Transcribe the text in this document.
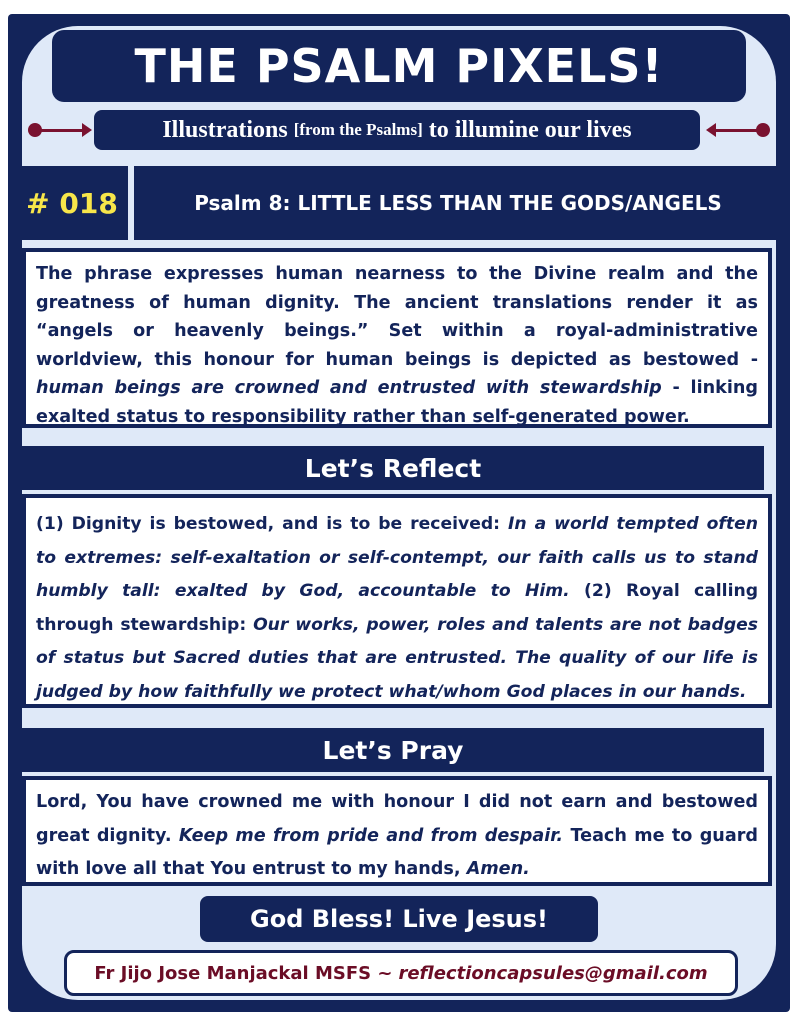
THE PSALM PIXELS!
Illustrations [from the Psalms] to illumine our lives
# 018	Psalm 8: LITTLE LESS THAN THE GODS/ANGELS
The phrase expresses human nearness to the Divine realm and the greatness of human dignity. The ancient translations render it as “angels or heavenly beings.” Set within a royal-administrative worldview, this honour for human beings is depicted as bestowed - human beings are crowned and entrusted with stewardship - linking exalted status to responsibility rather than self-generated power.
Let’s Reflect
(1) Dignity is bestowed, and is to be received: In a world tempted often to extremes: self-exaltation or self-contempt, our faith calls us to stand humbly tall: exalted by God, accountable to Him. (2) Royal calling through stewardship: Our works, power, roles and talents are not badges of status but Sacred duties that are entrusted. The quality of our life is judged by how faithfully we protect what/whom God places in our hands.
Let’s Pray
Lord, You have crowned me with honour I did not earn and bestowed great dignity. Keep me from pride and from despair. Teach me to guard with love all that You entrust to my hands, Amen.
God Bless! Live Jesus!
Fr Jijo Jose Manjackal MSFS ~ reflectioncapsules@gmail.com
